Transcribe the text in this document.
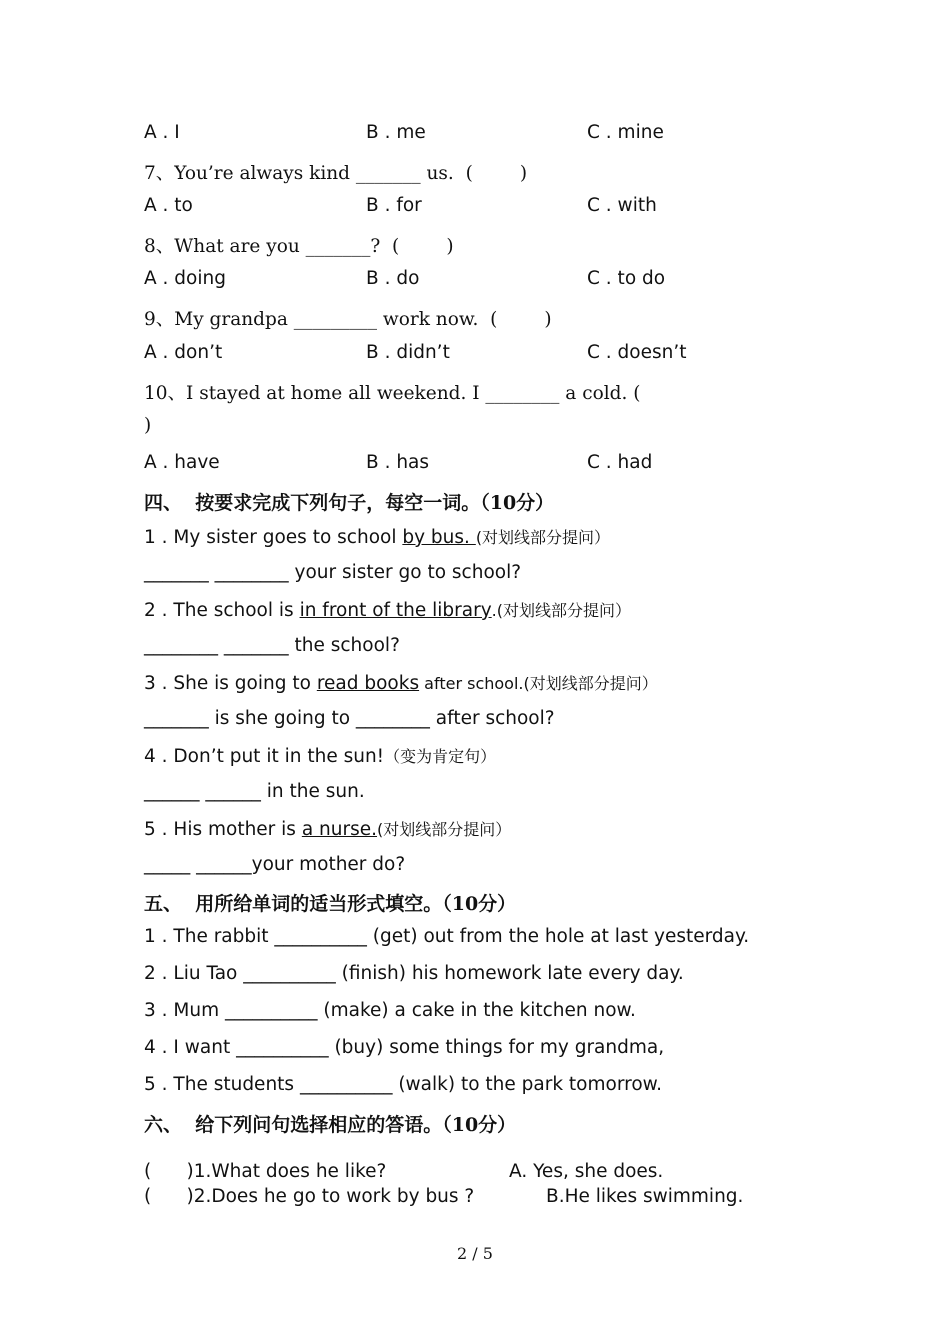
A . I	B . me	C . mine
7、You’re always kind _______ us.  (        )
A . to	B . for	C . with
8、What are you _______?  (        )
A . doing	B . do	C . to do
9、My grandpa _________ work now.  (        )
A . don’t	B . didn’t	C . doesn’t
10、I stayed at home all weekend. I ________ a cold. (
)
A . have	B . has	C . had
四、  按要求完成下列句子，每空一词。（10分）
1 . My sister goes to school by bus. (对划线部分提问）
_______ ________ your sister go to school?
2 . The school is in front of the library.(对划线部分提问）
________ _______ the school?
3 . She is going to read books after school.(对划线部分提问）
_______ is she going to ________ after school?
4 . Don’t put it in the sun!（变为肯定句）
______ ______ in the sun.
5 . His mother is a nurse.(对划线部分提问）
_____ ______your mother do?
五、  用所给单词的适当形式填空。（10分）
1 . The rabbit __________ (get) out from the hole at last yesterday.
2 . Liu Tao __________ (finish) his homework late every day.
3 . Mum __________ (make) a cake in the kitchen now.
4 . I want __________ (buy) some things for my grandma,
5 . The students __________ (walk) to the park tomorrow.
六、  给下列问句选择相应的答语。（10分）
(      )1.What does he like?	A. Yes, she does.
(      )2.Does he go to work by bus ?	B.He likes swimming.
2 / 5
